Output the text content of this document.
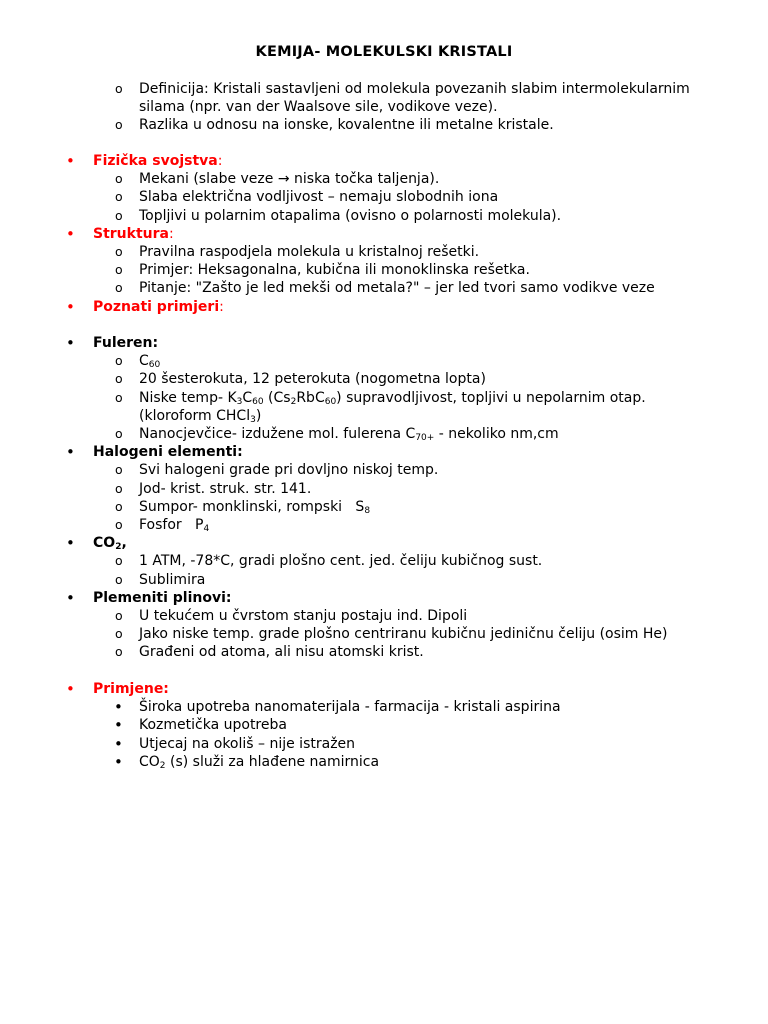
KEMIJA- MOLEKULSKI KRISTALI
o Definicija: Kristali sastavljeni od molekula povezanih slabim intermolekularnim silama (npr. van der Waalsove sile, vodikove veze).
o Razlika u odnosu na ionske, kovalentne ili metalne kristale.
• Fizička svojstva:
o Mekani (slabe veze → niska točka taljenja).
o Slaba električna vodljivost – nemaju slobodnih iona
o Topljivi u polarnim otapalima (ovisno o polarnosti molekula).
• Struktura:
o Pravilna raspodjela molekula u kristalnoj rešetki.
o Primjer: Heksagonalna, kubična ili monoklinska rešetka.
o Pitanje: "Zašto je led mekši od metala?" – jer led tvori samo vodikve veze
• Poznati primjeri:
• Fuleren:
o $C_{60}$
o 20 šesterokuta, 12 peterokuta (nogometna lopta)
o Niske temp- $K_3C_{60}$ $(Cs_2RbC_{60})$ supravodljivost, topljivi u nepolarnim otap. (kloroform CHCl$_3$)
o Nanocjevčice- izdužene mol. fulerena $C_{70+}$ - nekoliko nm,cm
• Halogeni elementi:
o Svi halogeni grade pri dovljno niskoj temp.
o Jod- krist. struk. str. 141.
o Sumpor- monklinski, rompski   $S_8$
o Fosfor   $P_4$
• $CO_2$,
o 1 ATM, -78*C, gradi plošno cent. jed. čeliju kubičnog sust.
o Sublimira
• Plemeniti plinovi:
o U tekućem u čvrstom stanju postaju ind. Dipoli
o Jako niske temp. grade plošno centriranu kubičnu jediničnu čeliju (osim He)
o Građeni od atoma, ali nisu atomski krist.
• Primjene:
• Široka upotreba nanomaterijala - farmacija - kristali aspirina
• Kozmetička upotreba
• Utjecaj na okoliš – nije istražen
• $CO_2$ (s) služi za hlađene namirnica
